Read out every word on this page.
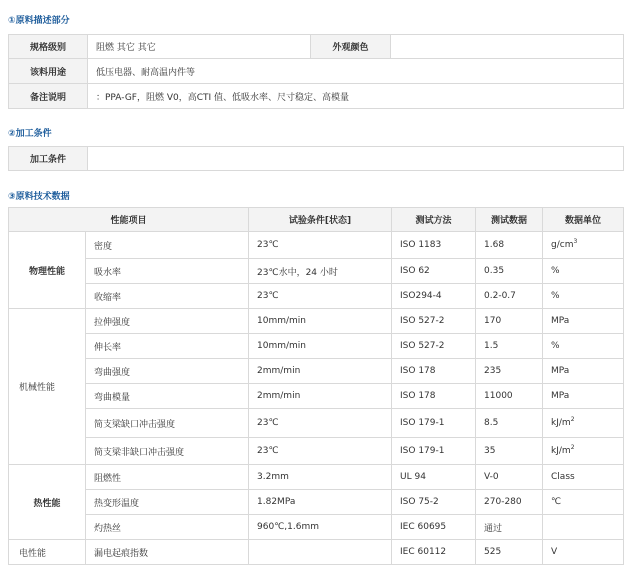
①原料描述部分
规格级别	阻燃 其它 其它	外观颜色	
该料用途	低压电器、耐高温内件等		
备注说明	：PPA-GF，阻燃 V0，高CTI 值、低吸水率、尺寸稳定、高模量		
②加工条件
加工条件	
③原料技术数据
性能项目		试验条件[状态]	测试方法	测试数据	数据单位
物理性能	密度	23℃	ISO 1183	1.68	$g/cm^3$
	吸水率	23℃水中，24 小时	ISO 62	0.35	%
	收缩率	23℃	ISO294-4	0.2-0.7	%
机械性能	拉伸强度	10mm/min	ISO 527-2	170	MPa
	伸长率	10mm/min	ISO 527-2	1.5	%
	弯曲强度	2mm/min	ISO 178	235	MPa
	弯曲模量	2mm/min	ISO 178	11000	MPa
	简支梁缺口冲击强度	23℃	ISO 179-1	8.5	$kJ/m^2$
	简支梁非缺口冲击强度	23℃	ISO 179-1	35	$kJ/m^2$
热性能	阻燃性	3.2mm	UL 94	V-0	Class
	热变形温度	1.82MPa	ISO 75-2	270-280	℃
	灼热丝	960℃,1.6mm	IEC 60695	通过	
电性能	漏电起痕指数		IEC 60112	525	V
